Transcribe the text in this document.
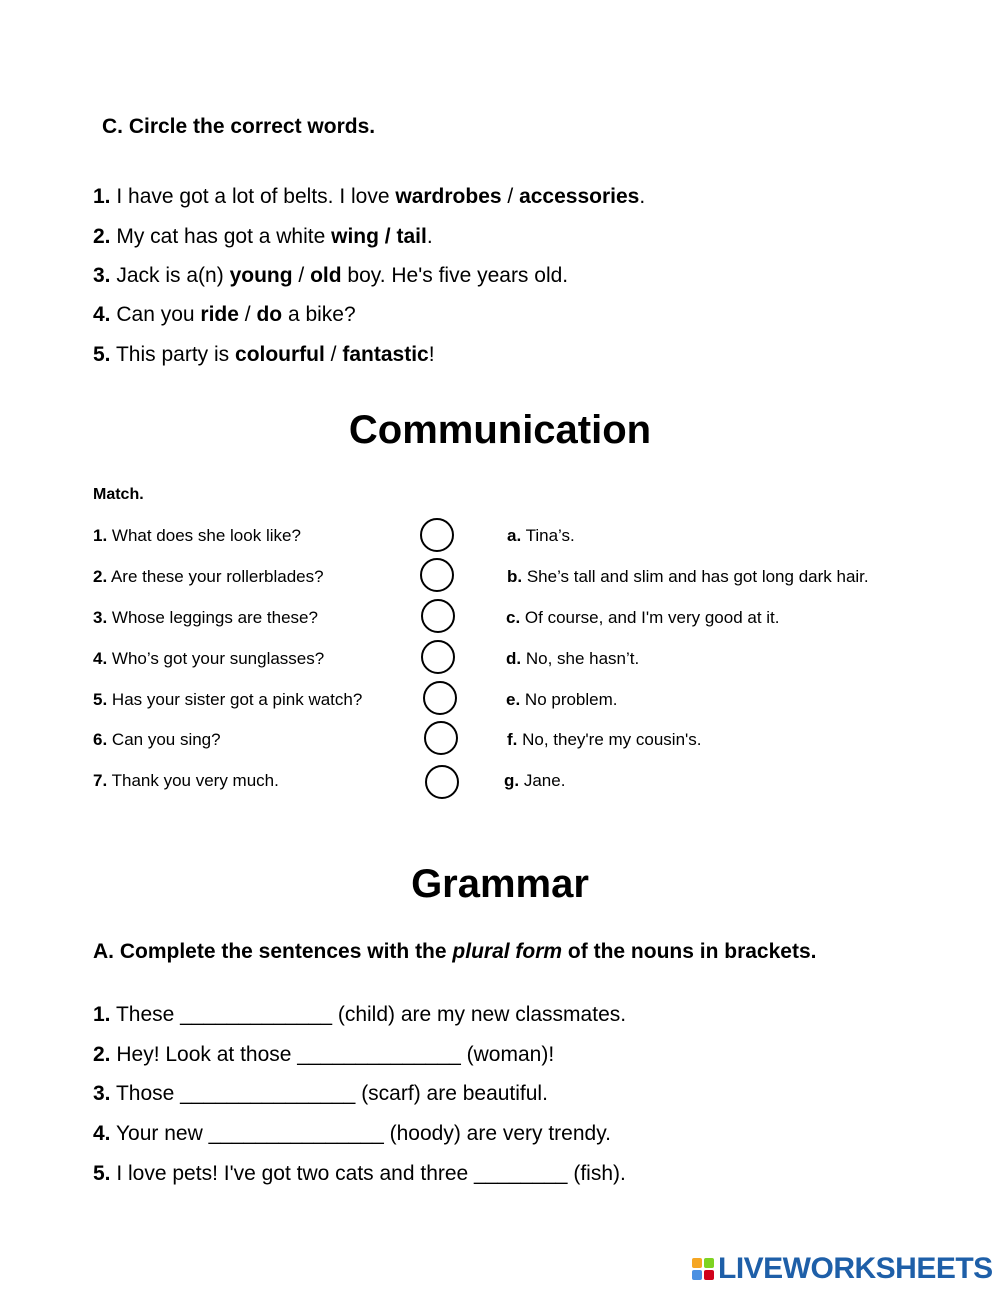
C. Circle the correct words.
1. I have got a lot of belts. I love wardrobes / accessories.
2. My cat has got a white wing / tail.
3. Jack is a(n) young / old boy. He's five years old.
4. Can you ride / do a bike?
5. This party is colourful / fantastic!
Communication
Match.
1. What does she look like?
2. Are these your rollerblades?
3. Whose leggings are these?
4. Who’s got your sunglasses?
5. Has your sister got a pink watch?
6. Can you sing?
7. Thank you very much.
a. Tina’s.
b. She’s tall and slim and has got long dark hair.
c. Of course, and I'm very good at it.
d. No, she hasn’t.
e. No problem.
f. No, they're my cousin's.
g. Jane.
Grammar
A. Complete the sentences with the plural form of the nouns in brackets.
1. These _____________ (child) are my new classmates.
2. Hey! Look at those ______________ (woman)!
3. Those _______________ (scarf) are beautiful.
4. Your new _______________ (hoody) are very trendy.
5. I love pets! I've got two cats and three ________ (fish).
LIVEWORKSHEETS
